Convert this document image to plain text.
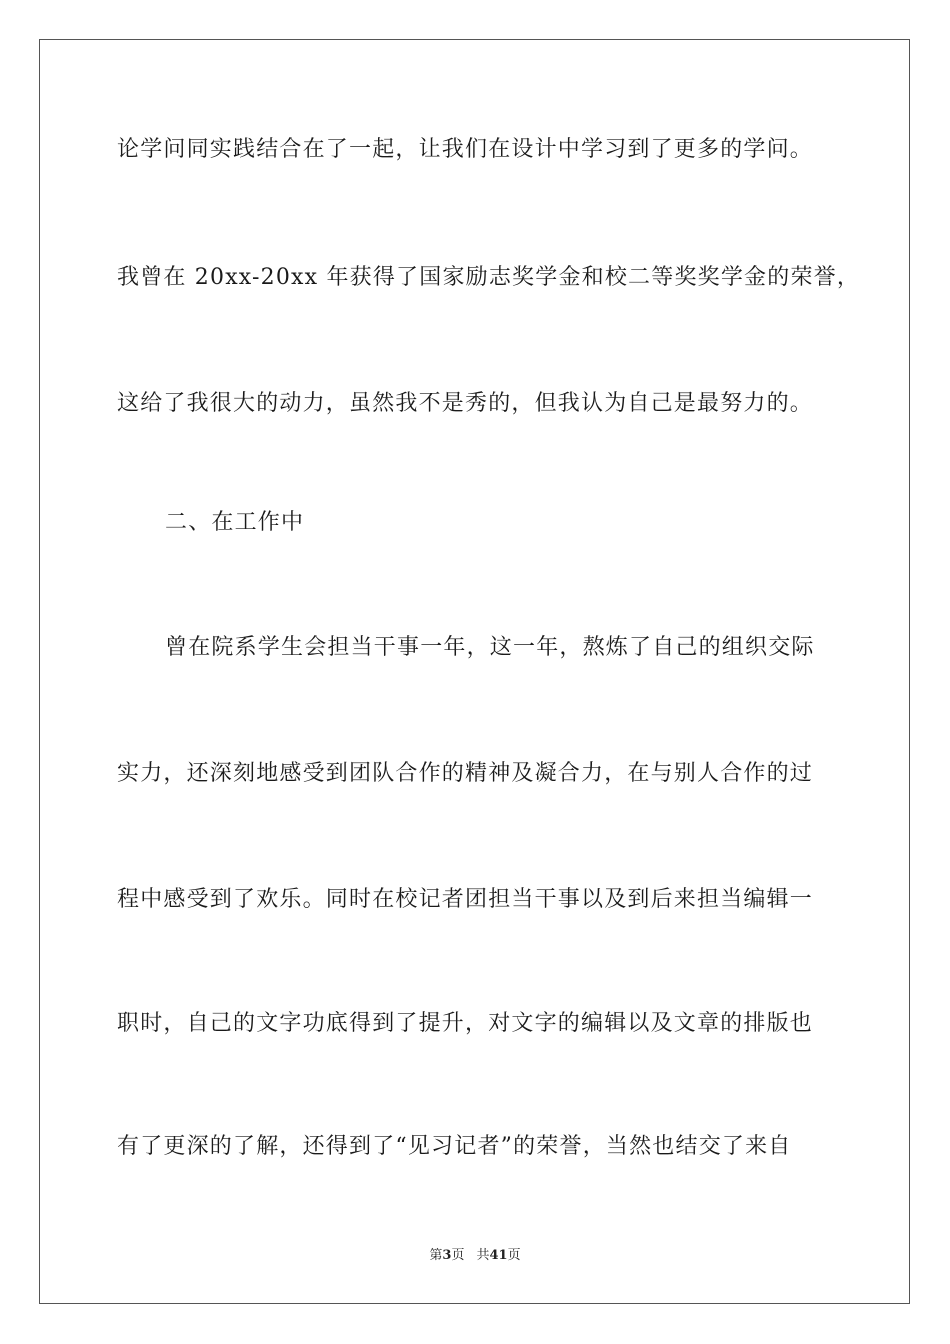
论学问同实践结合在了一起，让我们在设计中学习到了更多的学问。
我曾在 20xx-20xx 年获得了国家励志奖学金和校二等奖奖学金的荣誉，
这给了我很大的动力，虽然我不是秀的，但我认为自己是最努力的。
二、在工作中
曾在院系学生会担当干事一年，这一年，熬炼了自己的组织交际
实力，还深刻地感受到团队合作的精神及凝合力，在与别人合作的过
程中感受到了欢乐。同时在校记者团担当干事以及到后来担当编辑一
职时，自己的文字功底得到了提升，对文字的编辑以及文章的排版也
有了更深的了解，还得到了“见习记者”的荣誉，当然也结交了来自
第3页 共41页
